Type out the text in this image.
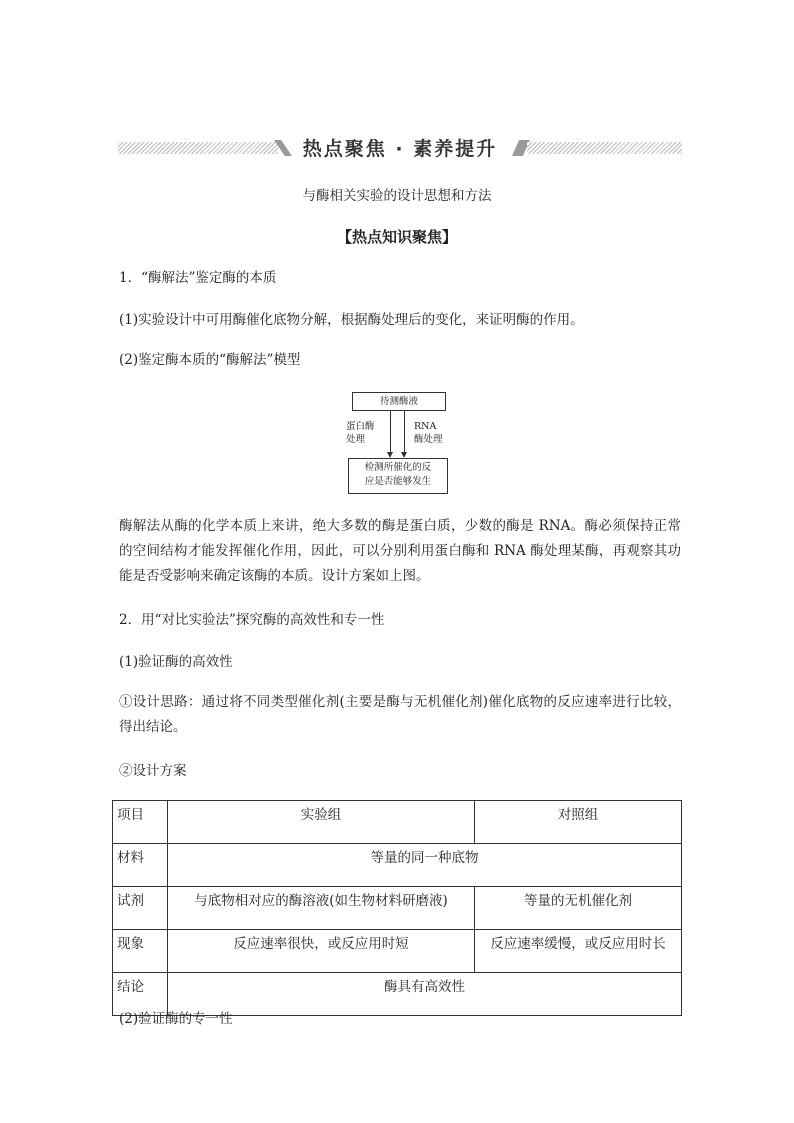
热点聚焦 · 素养提升
与酶相关实验的设计思想和方法
【热点知识聚焦】
1．“酶解法”鉴定酶的本质
(1)实验设计中可用酶催化底物分解，根据酶处理后的变化，来证明酶的作用。
(2)鉴定酶本质的“酶解法”模型
待测酶液
蛋白酶
处理
RNA
酶处理
检测所催化的反
应是否能够发生
酶解法从酶的化学本质上来讲，绝大多数的酶是蛋白质，少数的酶是 RNA。酶必须保持正常的空间结构才能发挥催化作用，因此，可以分别利用蛋白酶和 RNA 酶处理某酶，再观察其功能是否受影响来确定该酶的本质。设计方案如上图。
2．用“对比实验法”探究酶的高效性和专一性
(1)验证酶的高效性
①设计思路：通过将不同类型催化剂(主要是酶与无机催化剂)催化底物的反应速率进行比较，得出结论。
②设计方案
项目	实验组	对照组
材料	等量的同一种底物	
试剂	与底物相对应的酶溶液(如生物材料研磨液)	等量的无机催化剂
现象	反应速率很快，或反应用时短	反应速率缓慢，或反应用时长
结论	酶具有高效性	
(2)验证酶的专一性
